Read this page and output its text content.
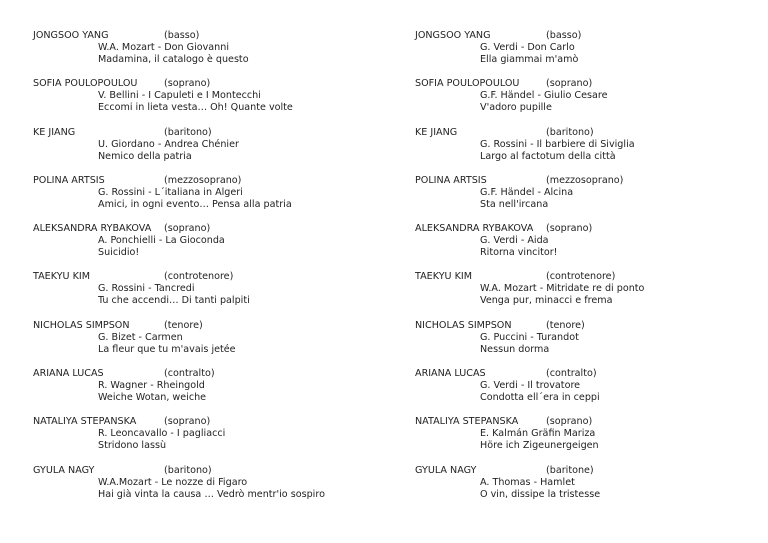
JONGSOO YANG	(basso)
W.A. Mozart - Don Giovanni
Madamina, il catalogo è questo
SOFIA POULOPOULOU	(soprano)
V. Bellini - I Capuleti e I Montecchi
Eccomi in lieta vesta… Oh! Quante volte
KE JIANG	(baritono)
U. Giordano - Andrea Chénier
Nemico della patria
POLINA ARTSIS	(mezzosoprano)
G. Rossini - L´italiana in Algeri
Amici, in ogni evento… Pensa alla patria
ALEKSANDRA RYBAKOVA (soprano)
A. Ponchielli - La Gioconda
Suicidio!
TAEKYU KIM	(controtenore)
G. Rossini - Tancredi
Tu che accendi… Di tanti palpiti
NICHOLAS SIMPSON	(tenore)
G. Bizet - Carmen
La fleur que tu m'avais jetée
ARIANA LUCAS	(contralto)
R. Wagner - Rheingold
Weiche Wotan, weiche
NATALIYA STEPANSKA	(soprano)
R. Leoncavallo - I pagliacci
Stridono lassù
GYULA NAGY	(baritono)
W.A.Mozart - Le nozze di Figaro
Hai già vinta la causa … Vedrò mentr'io sospiro
JONGSOO YANG	(basso)
G. Verdi - Don Carlo
Ella giammai m'amò
SOFIA POULOPOULOU	(soprano)
G.F. Händel - Giulio Cesare
V'adoro pupille
KE JIANG	(baritono)
G. Rossini - Il barbiere di Siviglia
Largo al factotum della città
POLINA ARTSIS	(mezzosoprano)
G.F. Händel - Alcina
Sta nell'ircana
ALEKSANDRA RYBAKOVA (soprano)
G. Verdi - Aida
Ritorna vincitor!
TAEKYU KIM	(controtenore)
W.A. Mozart - Mitridate re di ponto
Venga pur, minacci e frema
NICHOLAS SIMPSON	(tenore)
G. Puccini - Turandot
Nessun dorma
ARIANA LUCAS	(contralto)
G. Verdi - Il trovatore
Condotta ell´era in ceppi
NATALIYA STEPANSKA	(soprano)
E. Kalmán Gräfin Mariza
Höre ich Zigeunergeigen
GYULA NAGY	(baritone)
A. Thomas - Hamlet
O vin, dissipe la tristesse
